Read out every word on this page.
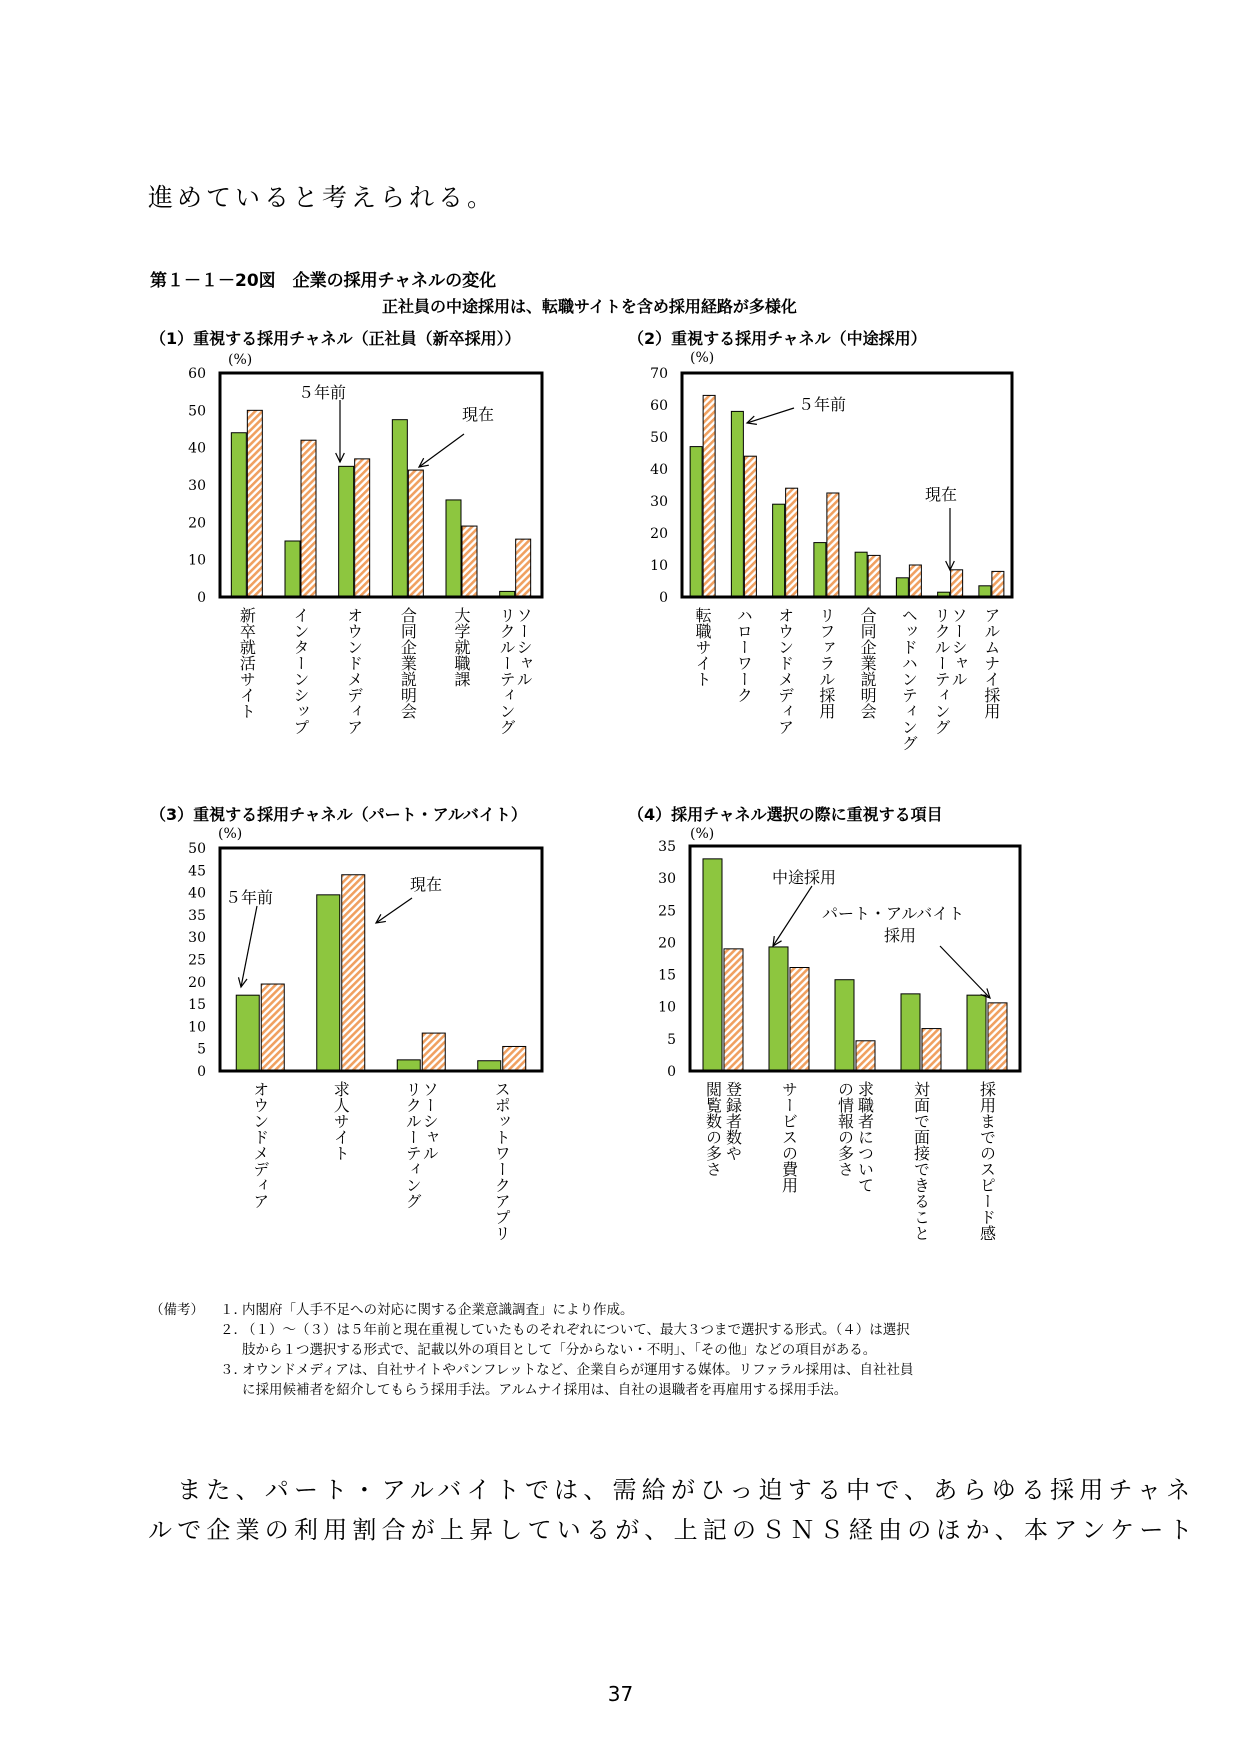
進めていると考えられる。
第１－１－20図　企業の採用チャネルの変化
正社員の中途採用は、転職サイトを含め採用経路が多様化
（1）重視する採用チャネル（正社員（新卒採用））	（2）重視する採用チャネル（中途採用）
（3）重視する採用チャネル（パート・アルバイト）	（4）採用チャネル選択の際に重視する項目
(%)
0
10
20
30
40
50
60
新卒就活サイト インターンシップ オウンドメディア 合同企業説明会 大学就職課	ソーシャル
リクルーティング
５年前
現在
(%)
0
10
20
30
40
50
60
70
転職サイト ハローワーク オウンドメディア リファラル採用 合同企業説明会 ヘッドハンティング ソーシャル
リクルーティング アルムナイ採用
５年前
現在
(%)
0
5
10
15
20
25
30
35
40
45
50
オウンドメディア	求人サイト	ソーシャル
リクルーティング	スポットワークアプリ
５年前
現在
(%)
0
5
10
15
20
25
30
35
登録者数や
閲覧数の多さ	サービスの費用	求職者について
の情報の多さ	対面で面接できること	採用までのスピード感
中途採用
パート・アルバイト
採用
（備考）	１．
内閣府「人手不足への対応に関する企業意識調査」により作成。
２．
（１）～（３）は５年前と現在重視していたものそれぞれについて、最大３つまで選択する形式。（４）は選択
肢から１つ選択する形式で、記載以外の項目として「分からない・不明」、「その他」などの項目がある。
３．
オウンドメディアは、自社サイトやパンフレットなど、企業自らが運用する媒体。リファラル採用は、自社社員
に採用候補者を紹介してもらう採用手法。アルムナイ採用は、自社の退職者を再雇用する採用手法。
　また、パート・アルバイトでは、需給がひっ迫する中で、あらゆる採用チャネ
ルで企業の利用割合が上昇しているが、上記のＳＮＳ経由のほか、本アンケート
37
